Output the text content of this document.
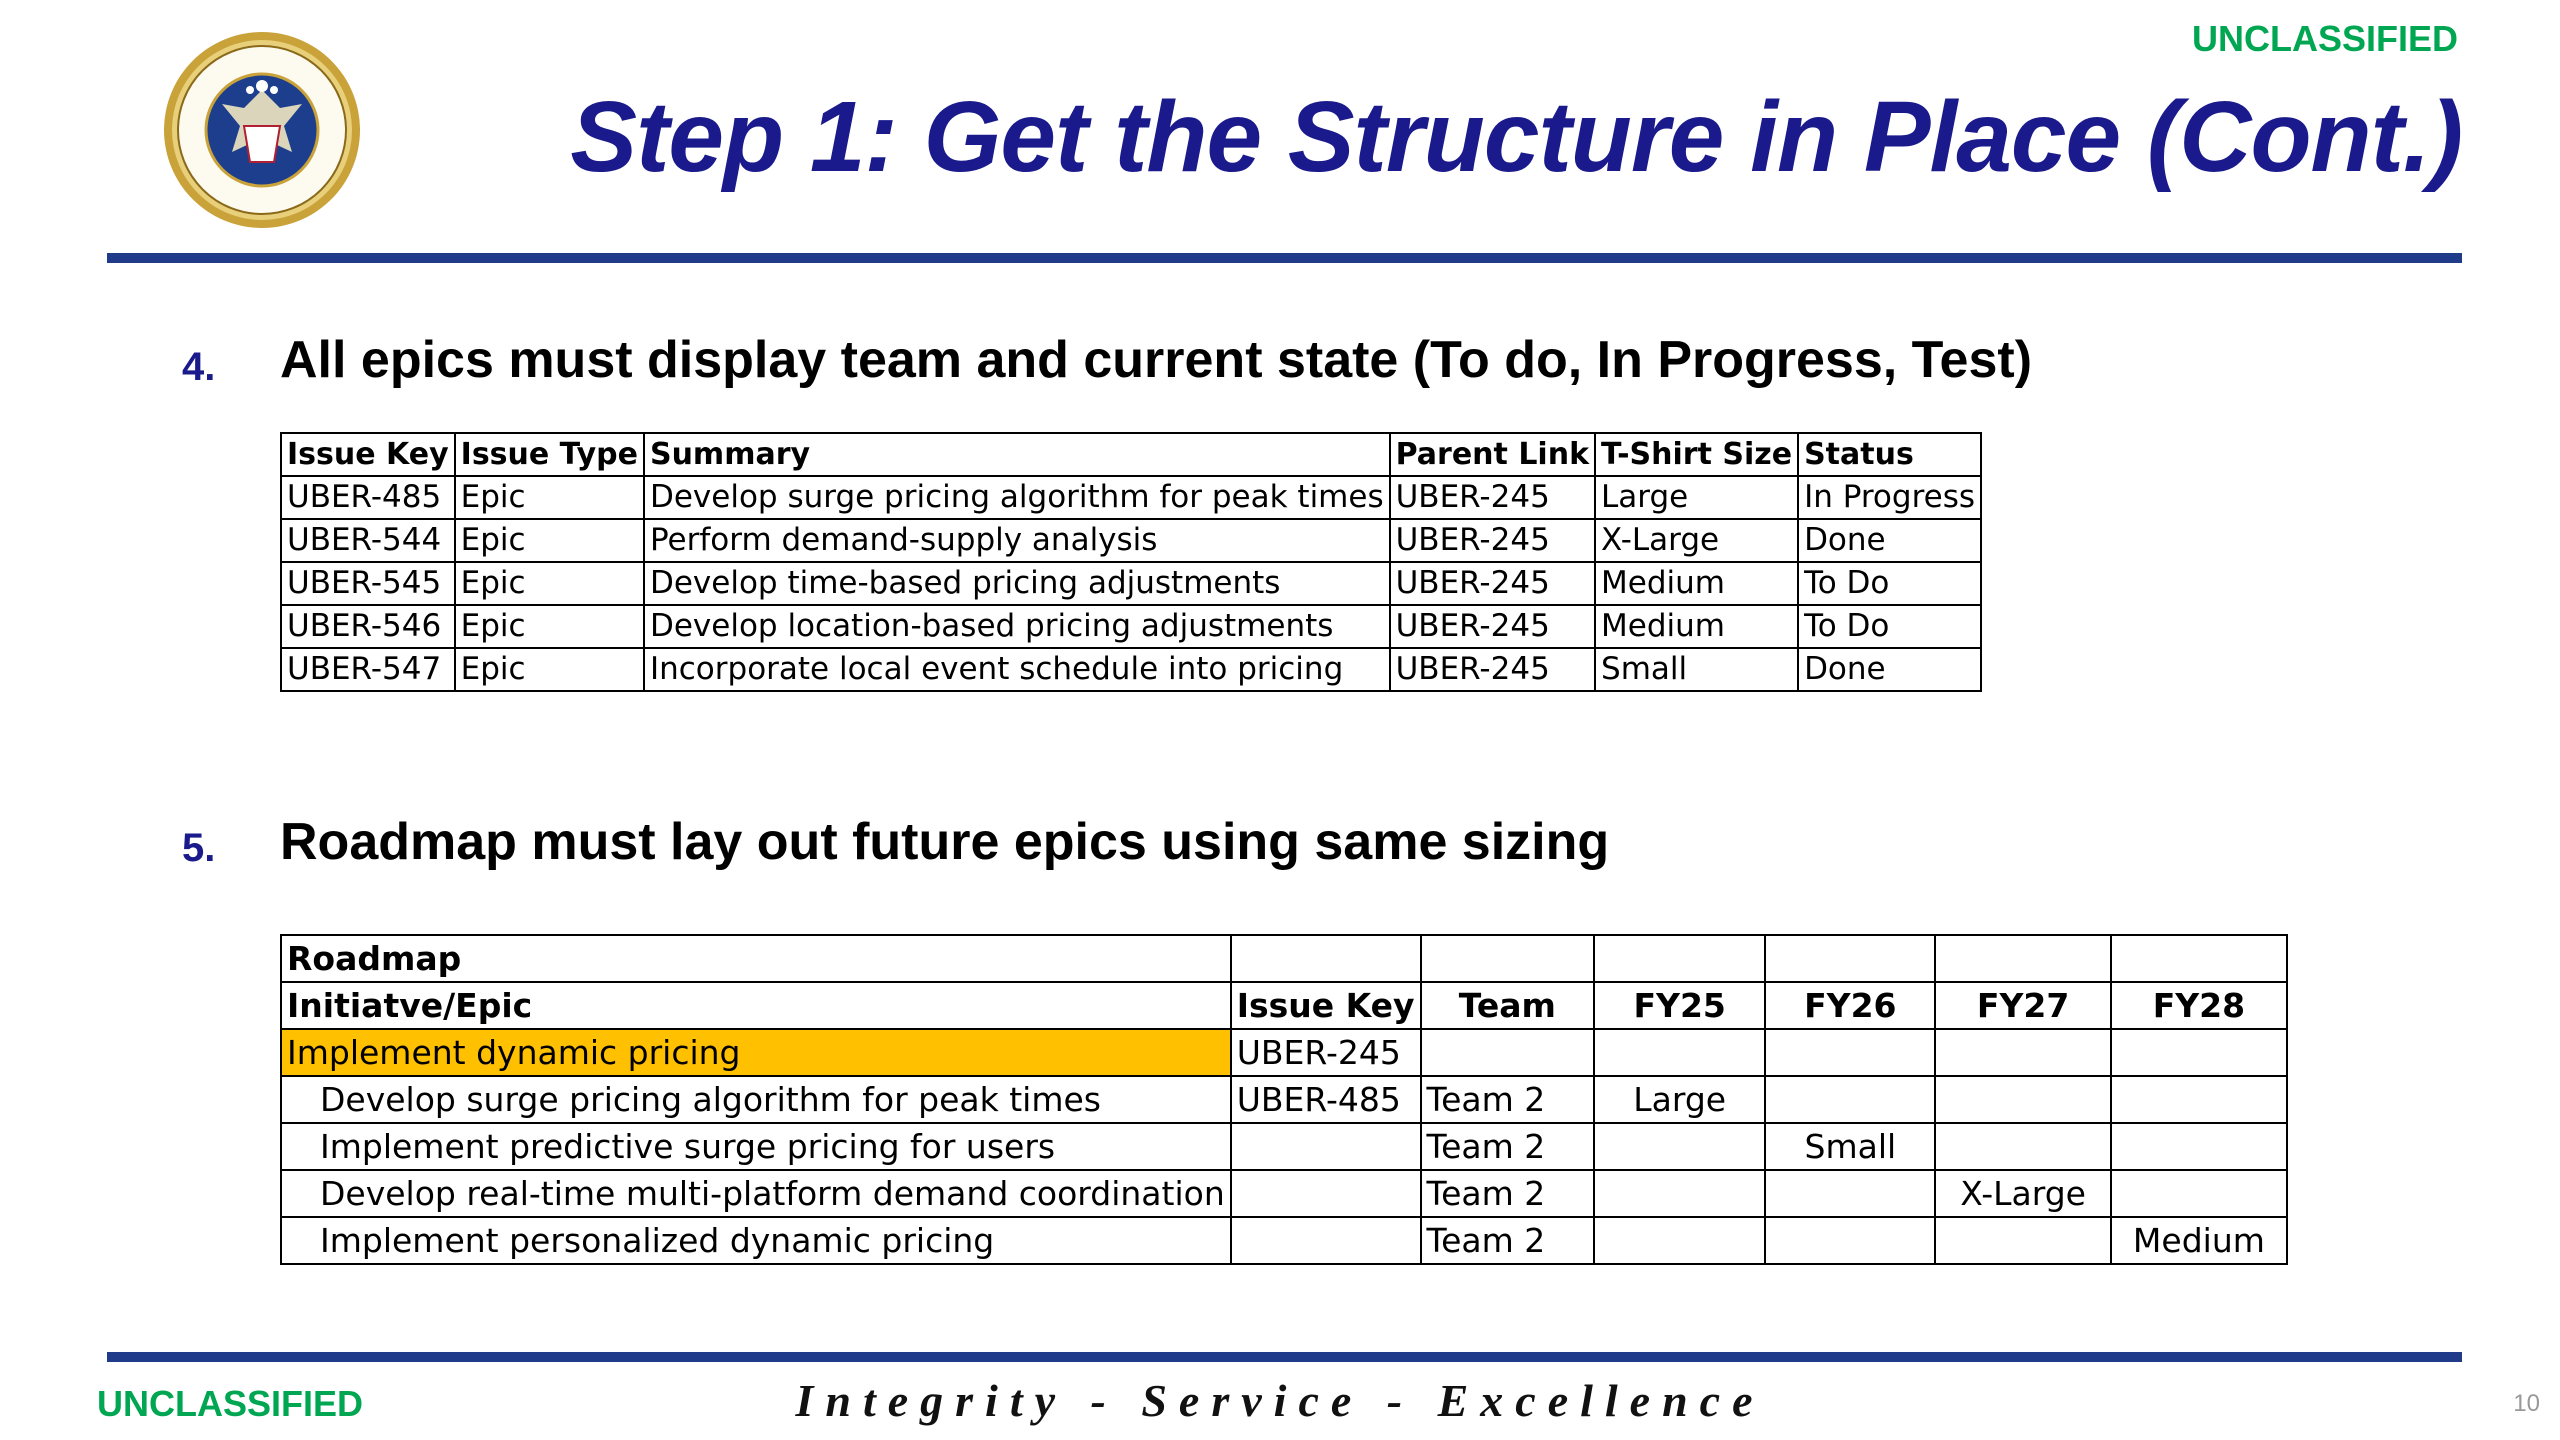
UNCLASSIFIED
Step 1: Get the Structure in Place (Cont.)
4. All epics must display team and current state (To do, In Progress, Test)
Issue Key	Issue Type	Summary	Parent Link	T-Shirt Size	Status
UBER-485	Epic	Develop surge pricing algorithm for peak times	UBER-245	Large	In Progress
UBER-544	Epic	Perform demand-supply analysis	UBER-245	X-Large	Done
UBER-545	Epic	Develop time-based pricing adjustments	UBER-245	Medium	To Do
UBER-546	Epic	Develop location-based pricing adjustments	UBER-245	Medium	To Do
UBER-547	Epic	Incorporate local event schedule into pricing	UBER-245	Small	Done
5. Roadmap must lay out future epics using same sizing
Roadmap						
Initiatve/Epic	Issue Key	Team	FY25	FY26	FY27	FY28
Implement dynamic pricing	UBER-245					
Develop surge pricing algorithm for peak times	UBER-485	Team 2	Large			
Implement predictive surge pricing for users		Team 2		Small		
Develop real-time multi-platform demand coordination		Team 2			X-Large	
Implement personalized dynamic pricing		Team 2				Medium
UNCLASSIFIED	Integrity - Service - Excellence	10
